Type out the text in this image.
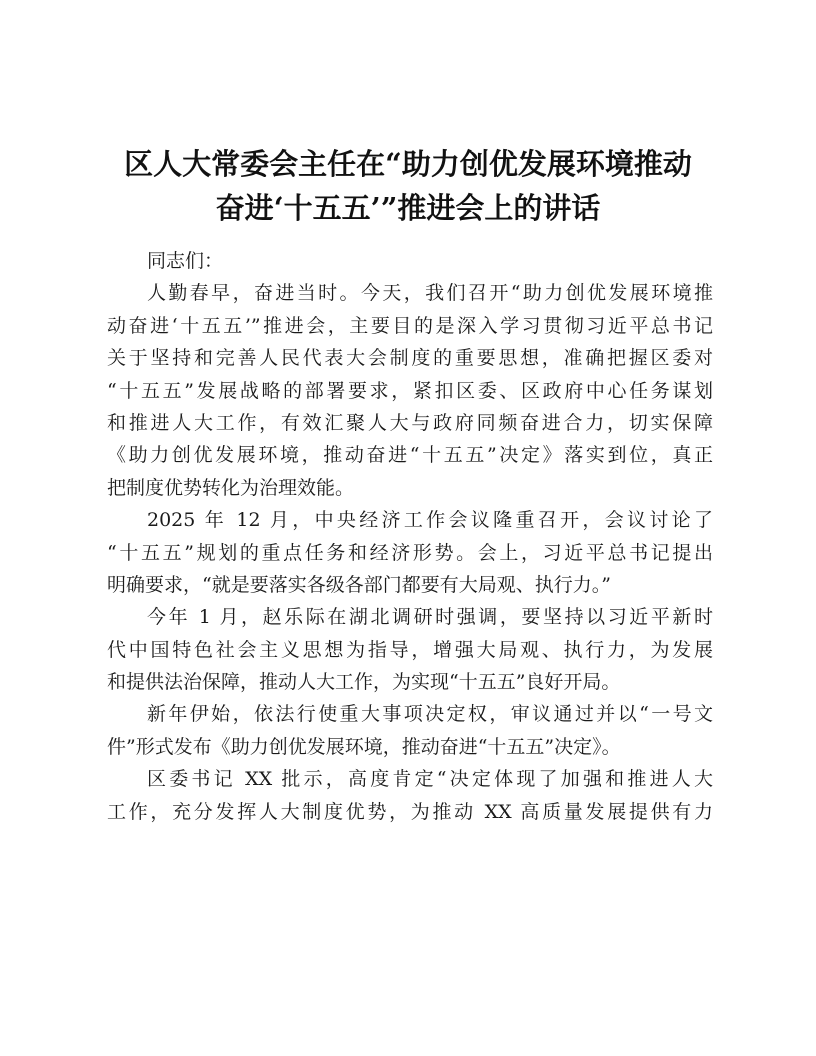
区人大常委会主任在“助力创优发展环境推动
奋进‘十五五’”推进会上的讲话
同志们：
人勤春早，奋进当时。今天，我们召开“助力创优发展环境推
动奋进‘十五五’”推进会，主要目的是深入学习贯彻习近平总书记
关于坚持和完善人民代表大会制度的重要思想，准确把握区委对
“十五五”发展战略的部署要求，紧扣区委、区政府中心任务谋划
和推进人大工作，有效汇聚人大与政府同频奋进合力，切实保障
《助力创优发展环境，推动奋进“十五五”决定》落实到位，真正
把制度优势转化为治理效能。
2025 年 12 月，中央经济工作会议隆重召开，会议讨论了
“十五五”规划的重点任务和经济形势。会上，习近平总书记提出
明确要求，“就是要落实各级各部门都要有大局观、执行力。”
今年 1 月，赵乐际在湖北调研时强调，要坚持以习近平新时
代中国特色社会主义思想为指导，增强大局观、执行力，为发展
和提供法治保障，推动人大工作，为实现“十五五”良好开局。
新年伊始，依法行使重大事项决定权，审议通过并以“一号文
件”形式发布《助力创优发展环境，推动奋进“十五五”决定》。
区委书记 XX 批示，高度肯定“决定体现了加强和推进人大
工作，充分发挥人大制度优势，为推动 XX 高质量发展提供有力
